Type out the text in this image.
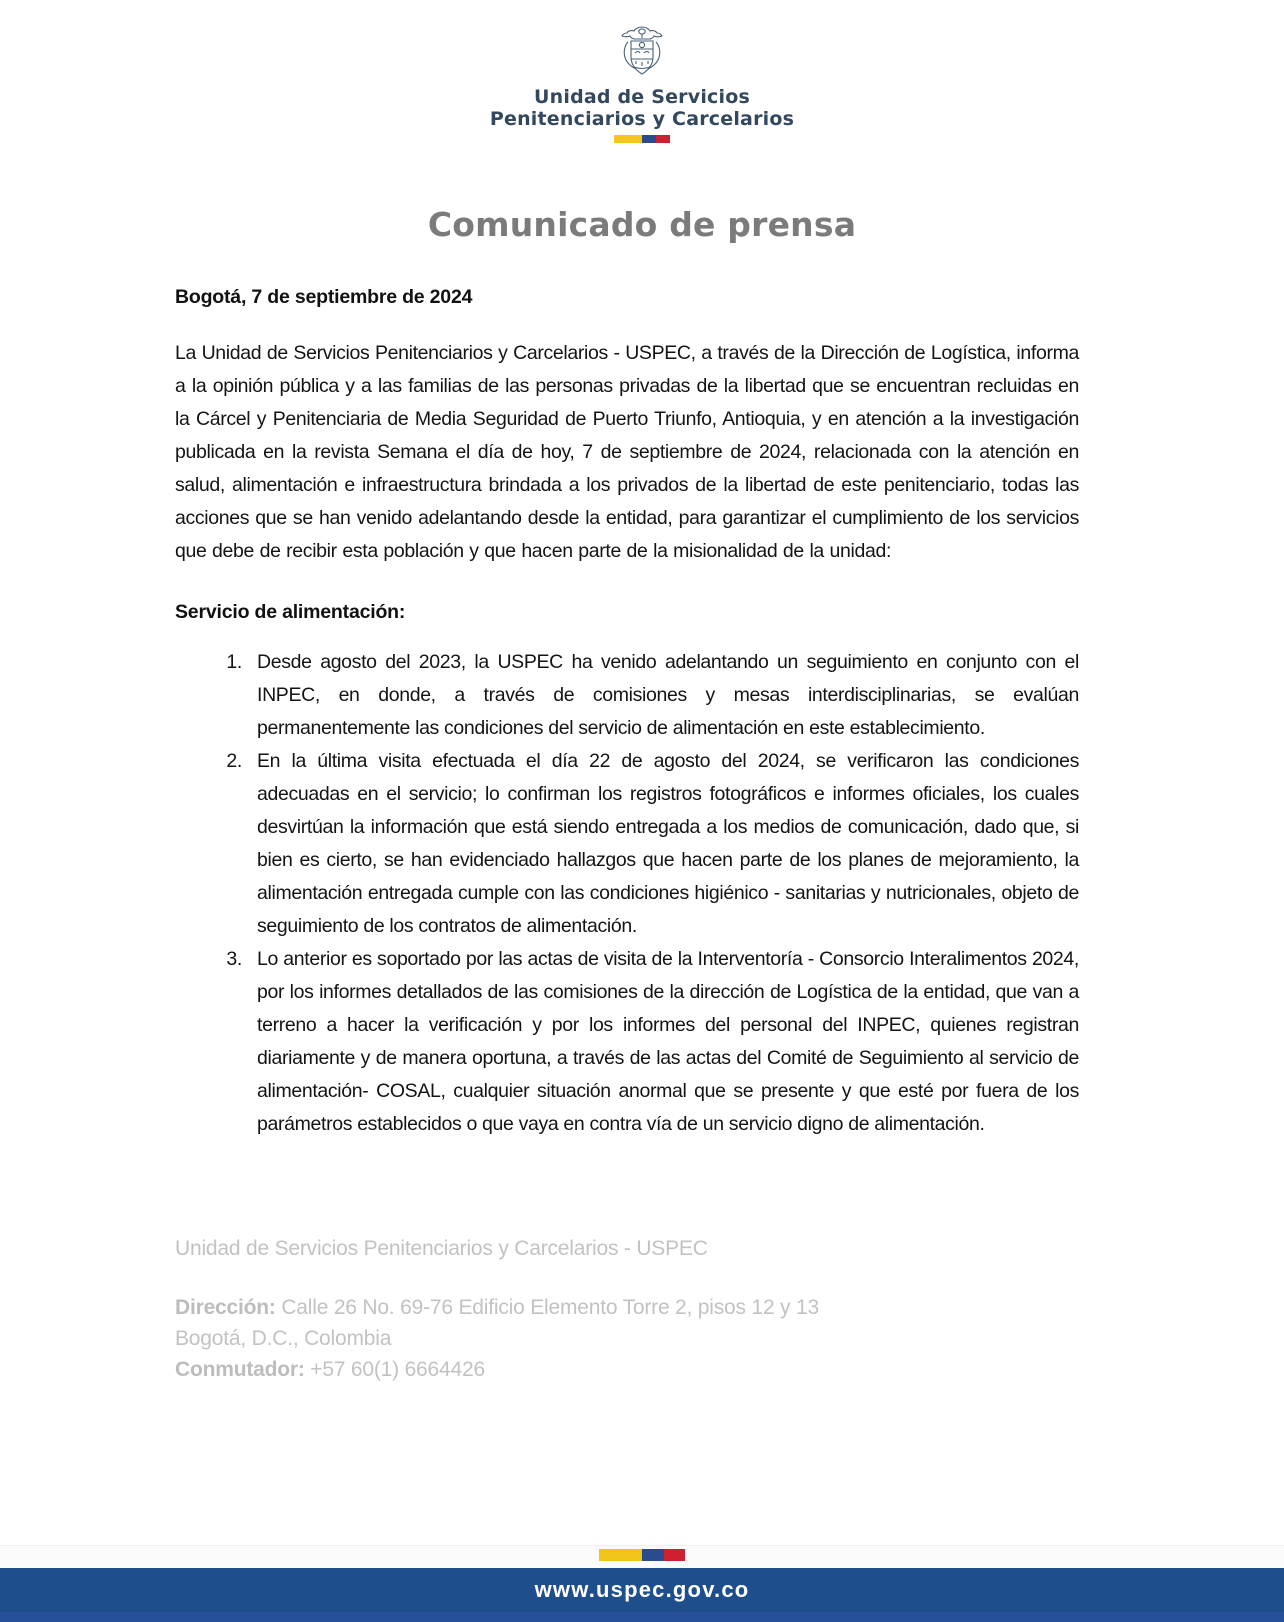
Unidad de Servicios
Penitenciarios y Carcelarios
Comunicado de prensa
Bogotá, 7 de septiembre de 2024

La Unidad de Servicios Penitenciarios y Carcelarios - USPEC, a través de la Dirección de Logística, informa a la opinión pública y a las familias de las personas privadas de la libertad que se encuentran recluidas en la Cárcel y Penitenciaria de Media Seguridad de Puerto Triunfo, Antioquia, y en atención a la investigación publicada en la revista Semana el día de hoy, 7 de septiembre de 2024, relacionada con la atención en salud, alimentación e infraestructura brindada a los privados de la libertad de este penitenciario, todas las acciones que se han venido adelantando desde la entidad, para garantizar el cumplimiento de los servicios que debe de recibir esta población y que hacen parte de la misionalidad de la unidad:

Servicio de alimentación:
1. Desde agosto del 2023, la USPEC ha venido adelantando un seguimiento en conjunto con el INPEC, en donde, a través de comisiones y mesas interdisciplinarias, se evalúan permanentemente las condiciones del servicio de alimentación en este establecimiento.
2. En la última visita efectuada el día 22 de agosto del 2024, se verificaron las condiciones adecuadas en el servicio; lo confirman los registros fotográficos e informes oficiales, los cuales desvirtúan la información que está siendo entregada a los medios de comunicación, dado que, si bien es cierto, se han evidenciado hallazgos que hacen parte de los planes de mejoramiento, la alimentación entregada cumple con las condiciones higiénico - sanitarias y nutricionales, objeto de seguimiento de los contratos de alimentación.
3. Lo anterior es soportado por las actas de visita de la Interventoría - Consorcio Interalimentos 2024, por los informes detallados de las comisiones de la dirección de Logística de la entidad, que van a terreno a hacer la verificación y por los informes del personal del INPEC, quienes registran diariamente y de manera oportuna, a través de las actas del Comité de Seguimiento al servicio de alimentación- COSAL, cualquier situación anormal que se presente y que esté por fuera de los parámetros establecidos o que vaya en contra vía de un servicio digno de alimentación.
Unidad de Servicios Penitenciarios y Carcelarios - USPEC
Dirección: Calle 26 No. 69-76 Edificio Elemento Torre 2, pisos 12 y 13
Bogotá, D.C., Colombia
Conmutador: +57 60(1) 6664426
www.uspec.gov.co
